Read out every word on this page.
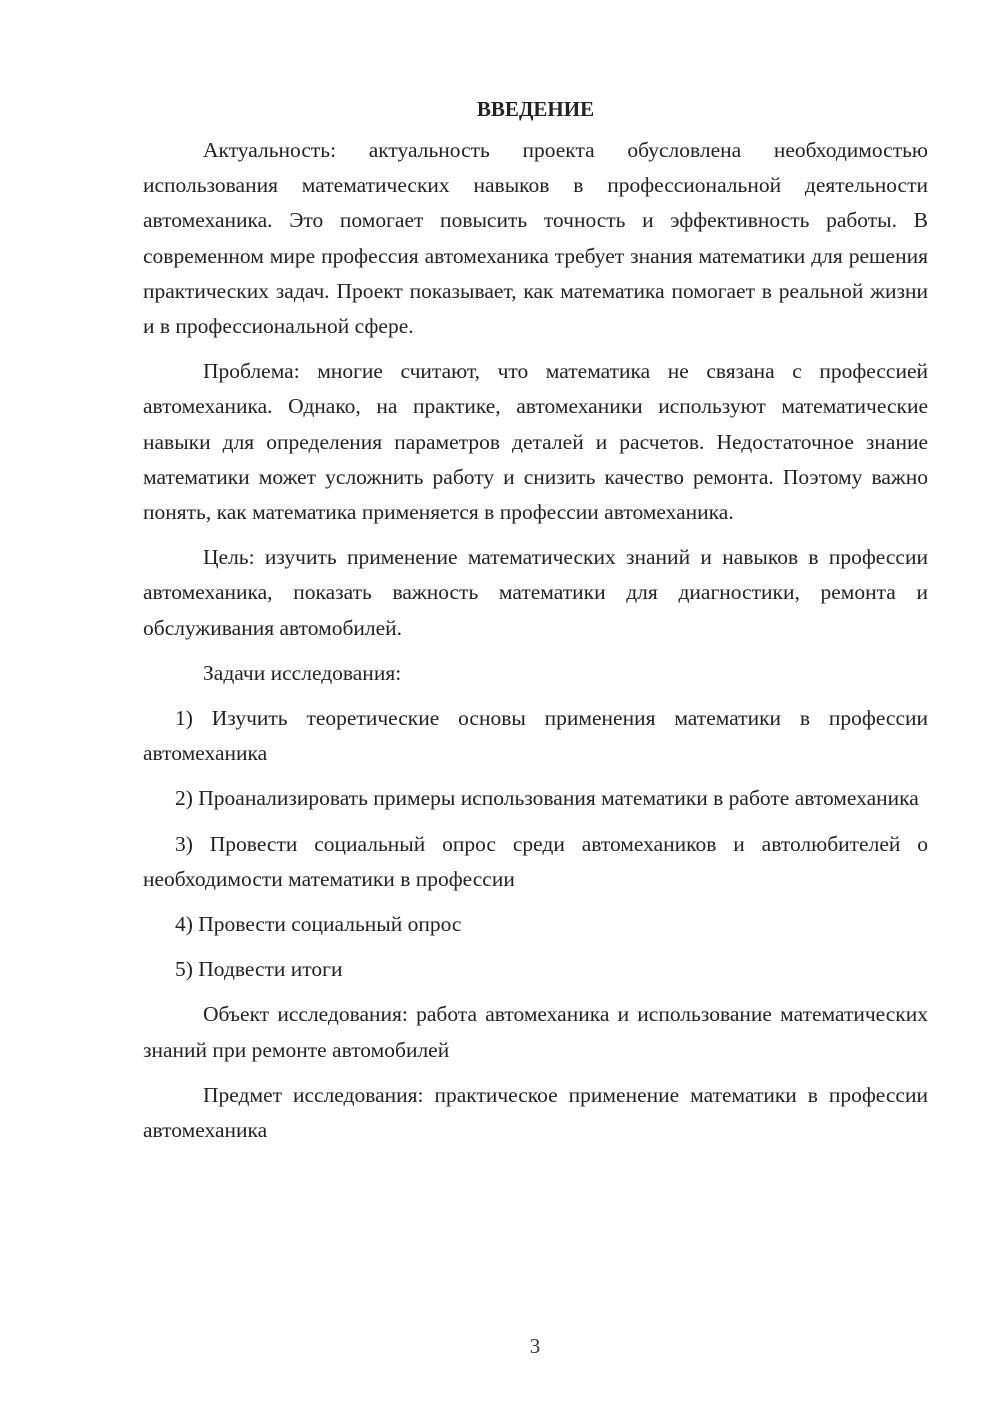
ВВЕДЕНИЕ

Актуальность: актуальность проекта обусловлена необходимостью использования математических навыков в профессиональной деятельности автомеханика. Это помогает повысить точность и эффективность работы. В современном мире профессия автомеханика требует знания математики для решения практических задач. Проект показывает, как математика помогает в реальной жизни и в профессиональной сфере.

Проблема: многие считают, что математика не связана с профессией автомеханика. Однако, на практике, автомеханики используют математические навыки для определения параметров деталей и расчетов. Недостаточное знание математики может усложнить работу и снизить качество ремонта. Поэтому важно понять, как математика применяется в профессии автомеханика.

Цель: изучить применение математических знаний и навыков в профессии автомеханика, показать важность математики для диагностики, ремонта и обслуживания автомобилей.

Задачи исследования:

1) Изучить теоретические основы применения математики в профессии автомеханика

2) Проанализировать примеры использования математики в работе автомеханика

3) Провести социальный опрос среди автомехаников и автолюбителей о необходимости математики в профессии

4) Провести социальный опрос

5) Подвести итоги

Объект исследования: работа автомеханика и использование математических знаний при ремонте автомобилей

Предмет исследования: практическое применение математики в профессии автомеханика

3
